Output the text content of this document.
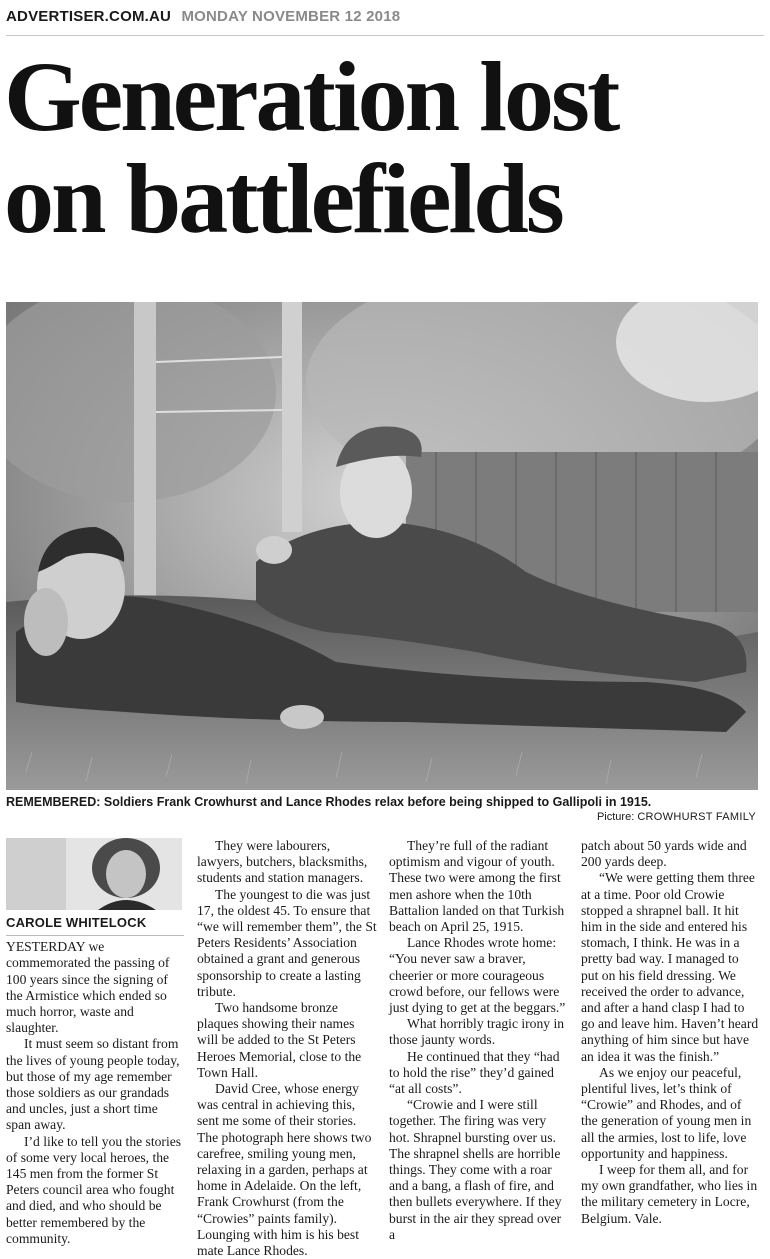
ADVERTISER.COM.AU MONDAY NOVEMBER 12 2018
Generation lost
on battlefields
REMEMBERED: Soldiers Frank Crowhurst and Lance Rhodes relax before being shipped to Gallipoli in 1915.
Picture: CROWHURST FAMILY
CAROLE WHITELOCK

YESTERDAY we commemorated the passing of 100 years since the signing of the Armistice which ended so much horror, waste and slaughter.

It must seem so distant from the lives of young people today, but those of my age remember those soldiers as our grandads and uncles, just a short time span away.

I’d like to tell you the stories of some very local heroes, the 145 men from the former St Peters council area who fought and died, and who should be better remembered by the community.

They were labourers, lawyers, butchers, blacksmiths, students and station managers.

The youngest to die was just 17, the oldest 45. To ensure that “we will remember them”, the St Peters Residents’ Association obtained a grant and generous sponsorship to create a lasting tribute.

Two handsome bronze plaques showing their names will be added to the St Peters Heroes Memorial, close to the Town Hall.

David Cree, whose energy was central in achieving this, sent me some of their stories. The photograph here shows two carefree, smiling young men, relaxing in a garden, perhaps at home in Adelaide. On the left, Frank Crowhurst (from the “Crowies” paints family). Lounging with him is his best mate Lance Rhodes.

They’re full of the radiant optimism and vigour of youth. These two were among the first men ashore when the 10th Battalion landed on that Turkish beach on April 25, 1915.

Lance Rhodes wrote home: “You never saw a braver, cheerier or more courageous crowd before, our fellows were just dying to get at the beggars.”

What horribly tragic irony in those jaunty words.

He continued that they “had to hold the rise” they’d gained “at all costs”.

“Crowie and I were still together. The firing was very hot. Shrapnel bursting over us. The shrapnel shells are horrible things. They come with a roar and a bang, a flash of fire, and then bullets everywhere. If they burst in the air they spread over a

patch about 50 yards wide and 200 yards deep.

“We were getting them three at a time. Poor old Crowie stopped a shrapnel ball. It hit him in the side and entered his stomach, I think. He was in a pretty bad way. I managed to put on his field dressing. We received the order to advance, and after a hand clasp I had to go and leave him. Haven’t heard anything of him since but have an idea it was the finish.”

As we enjoy our peaceful, plentiful lives, let’s think of “Crowie” and Rhodes, and of the generation of young men in all the armies, lost to life, love opportunity and happiness.

I weep for them all, and for my own grandfather, who lies in the military cemetery in Locre, Belgium. Vale.
